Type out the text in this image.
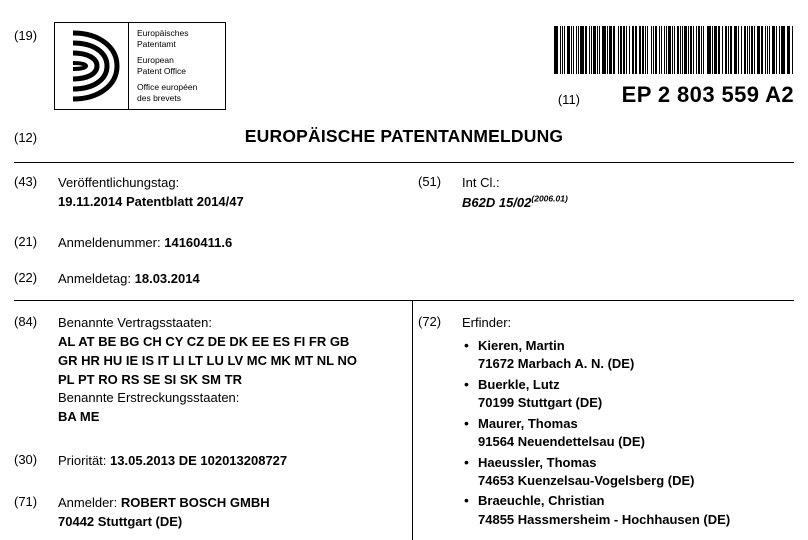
(19)	Europäisches
Patentamt
European
Patent Office
Office européen
des brevets	(11) EP 2 803 559 A2
(12)	EUROPÄISCHE PATENTANMELDUNG
(43)	Veröffentlichungstag:
19.11.2014 Patentblatt 2014/47
(21)	Anmeldenummer: 14160411.6
(22)	Anmeldetag: 18.03.2014
(51)	Int Cl.:
B62D $15/02^{(2006.01)}$
(84)	Benannte Vertragsstaaten:
AL AT BE BG CH CY CZ DE DK EE ES FI FR GB
GR HR HU IE IS IT LI LT LU LV MC MK MT NL NO
PL PT RO RS SE SI SK SM TR
Benannte Erstreckungsstaaten:
BA ME
(30)	Priorität: 13.05.2013 DE 102013208727
(71)	Anmelder: ROBERT BOSCH GMBH
70442 Stuttgart (DE)
(72)	Erfinder:
• Kieren, Martin
71672 Marbach A. N. (DE)
• Buerkle, Lutz
70199 Stuttgart (DE)
• Maurer, Thomas
91564 Neuendettelsau (DE)
• Haeussler, Thomas
74653 Kuenzelsau-Vogelsberg (DE)
• Braeuchle, Christian
74855 Hassmersheim - Hochhausen (DE)
